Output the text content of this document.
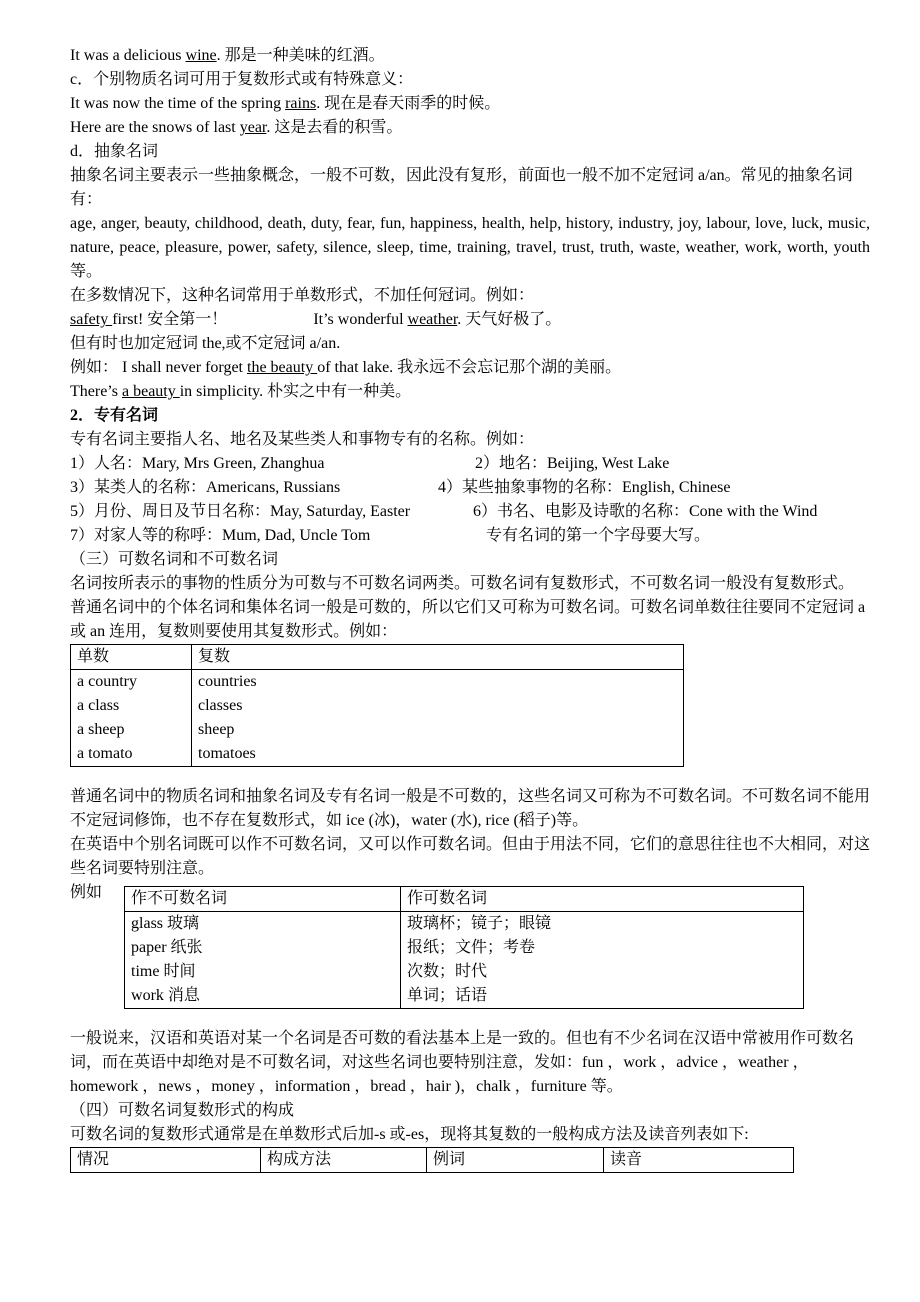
It was a delicious wine. 那是一种美味的红酒。
c．个别物质名词可用于复数形式或有特殊意义：
It was now the time of the spring rains. 现在是春天雨季的时候。
Here are the snows of last year. 这是去看的积雪。
d．抽象名词

抽象名词主要表示一些抽象概念，一般不可数，因此没有复形，前面也一般不加不定冠词 a/an。常见的抽象名词有：

age, anger, beauty, childhood, death, duty, fear, fun, happiness, health, help, history, industry, joy, labour, love, luck, music, nature, peace, pleasure, power, safety, silence, sleep, time, training, travel, trust, truth, waste, weather, work, worth, youth 等。

在多数情况下，这种名词常用于单数形式，不加任何冠词。例如：
safety first! 安全第一！	It’s wonderful weather. 天气好极了。
但有时也加定冠词 the,或不定冠词 a/an.
例如： I shall never forget the beauty of that lake. 我永远不会忘记那个湖的美丽。
There’s a beauty in simplicity. 朴实之中有一种美。
2．专有名词
专有名词主要指人名、地名及某些类人和事物专有的名称。例如：
1）人名：Mary, Mrs Green, Zhanghua	2）地名：Beijing, West Lake
3）某类人的名称：Americans, Russians	4）某些抽象事物的名称：English, Chinese
5）月份、周日及节日名称：May, Saturday, Easter	6）书名、电影及诗歌的名称：Cone with the Wind
7）对家人等的称呼：Mum, Dad, Uncle Tom	专有名词的第一个字母要大写。
（三）可数名词和不可数名词

名词按所表示的事物的性质分为可数与不可数名词两类。可数名词有复数形式，不可数名词一般没有复数形式。

普通名词中的个体名词和集体名词一般是可数的，所以它们又可称为可数名词。可数名词单数往往要同不定冠词 a 或 an 连用，复数则要使用其复数形式。例如：

单数	复数
a country	countries
a class	classes
a sheep	sheep
a tomato	tomatoes

普通名词中的物质名词和抽象名词及专有名词一般是不可数的，这些名词又可称为不可数名词。不可数名词不能用不定冠词修饰，也不存在复数形式，如 ice (冰)，water (水), rice (稻子)等。

在英语中个别名词既可以作不可数名词，又可以作可数名词。但由于用法不同，它们的意思往往也不大相同，对这些名词要特别注意。

例如 作不可数名词	作可数名词
glass 玻璃	玻璃杯；镜子；眼镜
paper 纸张	报纸；文件；考卷
time 时间	次数；时代
work 消息	单词；话语

一般说来，汉语和英语对某一个名词是否可数的看法基本上是一致的。但也有不少名词在汉语中常被用作可数名词，而在英语中却绝对是不可数名词，对这些名词也要特别注意，发如：fun ，work ，advice ，weather ，homework ，news ，money ，information ，bread ，hair )，chalk ，furniture 等。

（四）可数名词复数形式的构成
可数名词的复数形式通常是在单数形式后加-s 或-es，现将其复数的一般构成方法及读音列表如下:
情况	构成方法	例词	读音
